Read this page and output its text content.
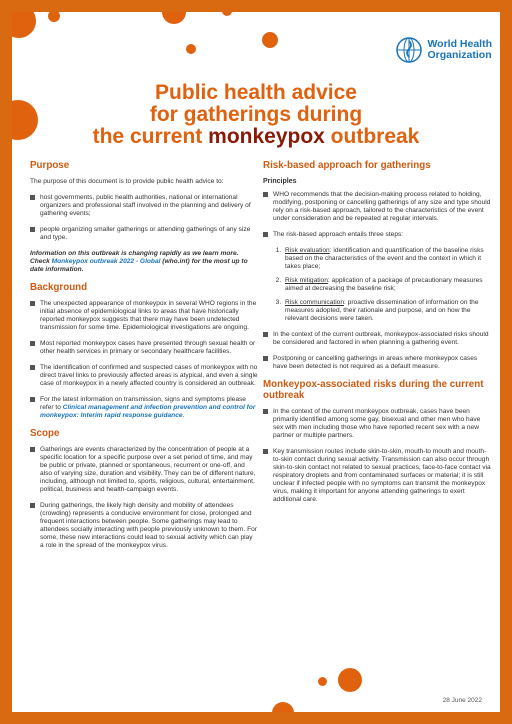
World Health
Organization
Public health advice
for gatherings during
the current monkeypox outbreak
Purpose

The purpose of this document is to provide public health advice to:

host governments, public health authorities, national or international organizers and professional staff involved in the planning and delivery of gathering events;
people organizing smaller gatherings or attending gatherings of any size and type.

Information on this outbreak is changing rapidly as we learn more. Check Monkeypox outbreak 2022 - Global (who.int) for the most up to date information.

Background
The unexpected appearance of monkeypox in several WHO regions in the initial absence of epidemiological links to areas that have historically reported monkeypox suggests that there may have been undetected transmission for some time. Epidemiological investigations are ongoing.
Most reported monkeypox cases have presented through sexual health or other health services in primary or secondary healthcare facilities.
The identification of confirmed and suspected cases of monkeypox with no direct travel links to previously affected areas is atypical, and even a single case of monkeypox in a newly affected country is considered an outbreak.
For the latest information on transmission, signs and symptoms please refer to Clinical management and infection prevention and control for monkeypox: Interim rapid response guidance.
Scope
Gatherings are events characterized by the concentration of people at a specific location for a specific purpose over a set period of time, and may be public or private, planned or spontaneous, recurrent or one-off, and also of varying size, duration and visibility. They can be of different nature, including, although not limited to, sports, religious, cultural, entertainment, political, business and health-campaign events.
During gatherings, the likely high density and mobility of attendees (crowding) represents a conducive environment for close, prolonged and frequent interactions between people. Some gatherings may lead to attendees socially interacting with people previously unknown to them. For some, these new interactions could lead to sexual activity which can play a role in the spread of the monkeypox virus.
Risk-based approach for gatherings
Principles
WHO recommends that the decision-making process related to holding, modifying, postponing or cancelling gatherings of any size and type should rely on a risk-based approach, tailored to the characteristics of the event under consideration and be repeated at regular intervals.
The risk-based approach entails three steps:
1. Risk evaluation: identification and quantification of the baseline risks based on the characteristics of the event and the context in which it takes place;
2. Risk mitigation: application of a package of precautionary measures aimed at decreasing the baseline risk;
3. Risk communication: proactive dissemination of information on the measures adopted, their rationale and purpose, and on how the relevant decisions were taken.
In the context of the current outbreak, monkeypox-associated risks should be considered and factored in when planning a gathering event.
Postponing or cancelling gatherings in areas where monkeypox cases have been detected is not required as a default measure.
Monkeypox-associated risks during the current outbreak
In the context of the current monkeypox outbreak, cases have been primarily identified among some gay, bisexual and other men who have sex with men including those who have reported recent sex with a new partner or multiple partners.
Key transmission routes include skin-to-skin, mouth-to mouth and mouth-to-skin contact during sexual activity. Transmission can also occur through skin-to-skin contact not related to sexual practices, face-to-face contact via respiratory droplets and from contaminated surfaces or material; it is still unclear if infected people with no symptoms can transmit the monkeypox virus, making it important for anyone attending gatherings to exert additional care.
28 June 2022
